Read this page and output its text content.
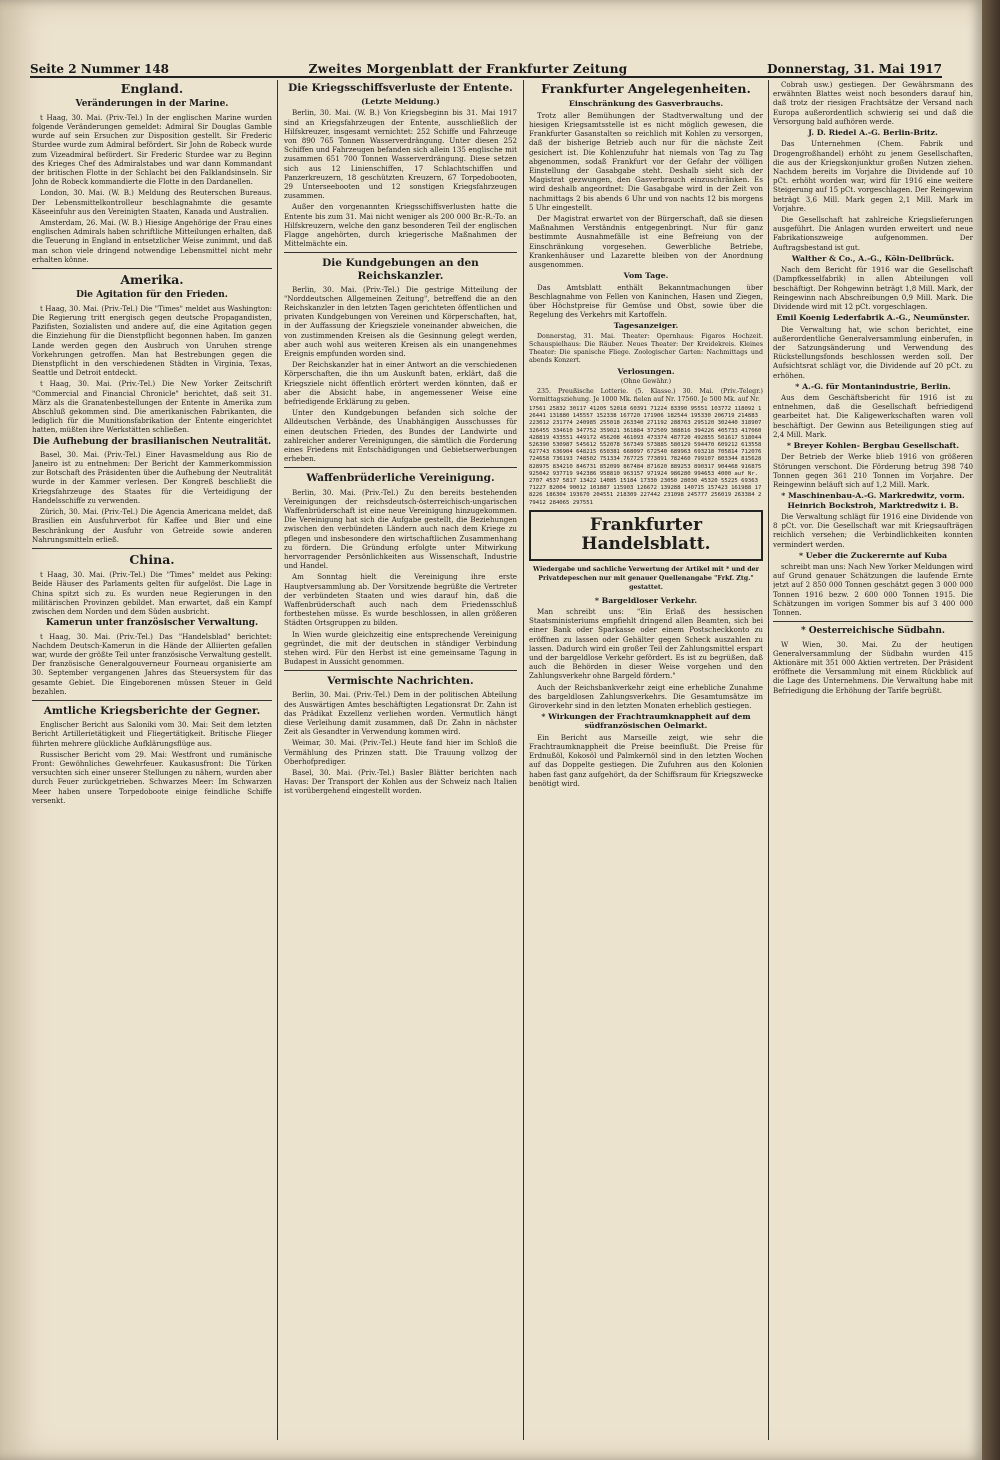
Seite 2 Nummer 148	Zweites Morgenblatt der Frankfurter Zeitung	Donnerstag, 31. Mai 1917
England.
Veränderungen in der Marine.

t Haag, 30. Mai. (Priv.-Tel.) In der englischen Marine wurden folgende Veränderungen gemeldet: Admiral Sir Douglas Gamble wurde auf sein Ersuchen zur Disposition gestellt. Sir Frederic Sturdee wurde zum Admiral befördert. Sir John de Robeck wurde zum Vizeadmiral befördert. Sir Frederic Sturdee war zu Beginn des Krieges Chef des Admiralstabes und war dann Kommandant der britischen Flotte in der Schlacht bei den Falklandsinseln. Sir John de Robeck kommandierte die Flotte in den Dardanellen.

London, 30. Mai. (W. B.) Meldung des Reuterschen Bureaus. Der Lebensmittelkontrolleur beschlagnahmte die gesamte Käseeinfuhr aus den Vereinigten Staaten, Kanada und Australien.

Amsterdam, 26. Mai. (W. B.) Hiesige Angehörige der Frau eines englischen Admirals haben schriftliche Mitteilungen erhalten, daß die Teuerung in England in entsetzlicher Weise zunimmt, und daß man schon viele dringend notwendige Lebensmittel nicht mehr erhalten könne.

Amerika.
Die Agitation für den Frieden.

t Haag, 30. Mai. (Priv.-Tel.) Die "Times" meldet aus Washington: Die Regierung tritt energisch gegen deutsche Propagandisten, Pazifisten, Sozialisten und andere auf, die eine Agitation gegen die Einziehung für die Dienstpflicht begonnen haben. Im ganzen Lande werden gegen den Ausbruch von Unruhen strenge Vorkehrungen getroffen. Man hat Bestrebungen gegen die Dienstpflicht in den verschiedenen Städten in Virginia, Texas, Seattle und Detroit entdeckt.

t Haag, 30. Mai. (Priv.-Tel.) Die New Yorker Zeitschrift "Commercial and Financial Chronicle" berichtet, daß seit 31. März als die Granatenbestellungen der Entente in Amerika zum Abschluß gekommen sind. Die amerikanischen Fabrikanten, die lediglich für die Munitionsfabrikation der Entente eingerichtet hatten, müßten ihre Werkstätten schließen.

Die Aufhebung der brasilianischen Neutralität.

Basel, 30. Mai. (Priv.-Tel.) Einer Havasmeldung aus Rio de Janeiro ist zu entnehmen: Der Bericht der Kammerkommission zur Botschaft des Präsidenten über die Aufhebung der Neutralität wurde in der Kammer verlesen. Der Kongreß beschließt die Kriegsfahrzeuge des Staates für die Verteidigung der Handelsschiffe zu verwenden.

Zürich, 30. Mai. (Priv.-Tel.) Die Agencia Americana meldet, daß Brasilien ein Ausfuhrverbot für Kaffee und Bier und eine Beschränkung der Ausfuhr von Getreide sowie anderen Nahrungsmitteln erließ.

China.

t Haag, 30. Mai. (Priv.-Tel.) Die "Times" meldet aus Peking: Beide Häuser des Parlaments gelten für aufgelöst. Die Lage in China spitzt sich zu. Es wurden neue Regierungen in den militärischen Provinzen gebildet. Man erwartet, daß ein Kampf zwischen dem Norden und dem Süden ausbricht.

Kamerun unter französischer Verwaltung.

t Haag, 30. Mai. (Priv.-Tel.) Das "Handelsblad" berichtet: Nachdem Deutsch-Kamerun in die Hände der Alliierten gefallen war, wurde der größte Teil unter französische Verwaltung gestellt. Der französische Generalgouverneur Fourneau organisierte am 30. September vergangenen Jahres das Steuersystem für das gesamte Gebiet. Die Eingeborenen müssen Steuer in Geld bezahlen.

Amtliche Kriegsberichte der Gegner.

Englischer Bericht aus Saloniki vom 30. Mai: Seit dem letzten Bericht Artillerietätigkeit und Fliegertätigkeit. Britische Flieger führten mehrere glückliche Aufklärungsflüge aus.

Russischer Bericht vom 29. Mai: Westfront und rumänische Front: Gewöhnliches Gewehrfeuer. Kaukasusfront: Die Türken versuchten sich einer unserer Stellungen zu nähern, wurden aber durch Feuer zurückgetrieben. Schwarzes Meer: Im Schwarzen Meer haben unsere Torpedoboote einige feindliche Schiffe versenkt.

Die Kriegsschiffsverluste der Entente.
(Letzte Meldung.)

Berlin, 30. Mai. (W. B.) Von Kriegsbeginn bis 31. Mai 1917 sind an Kriegsfahrzeugen der Entente, ausschließlich der Hilfskreuzer, insgesamt vernichtet: 252 Schiffe und Fahrzeuge von 890 765 Tonnen Wasserverdrängung. Unter diesen 252 Schiffen und Fahrzeugen befanden sich allein 135 englische mit zusammen 651 700 Tonnen Wasserverdrängung. Diese setzen sich aus 12 Linienschiffen, 17 Schlachtschiffen und Panzerkreuzern, 18 geschützten Kreuzern, 67 Torpedobooten, 29 Unterseebooten und 12 sonstigen Kriegsfahrzeugen zusammen.

Außer den vorgenannten Kriegsschiffsverlusten hatte die Entente bis zum 31. Mai nicht weniger als 200 000 Br.-R.-To. an Hilfskreuzern, welche den ganz besonderen Teil der englischen Flagge angehörten, durch kriegerische Maßnahmen der Mittelmächte ein.

Die Kundgebungen an den Reichskanzler.

Berlin, 30. Mai. (Priv.-Tel.) Die gestrige Mitteilung der "Norddeutschen Allgemeinen Zeitung", betreffend die an den Reichskanzler in den letzten Tagen gerichteten öffentlichen und privaten Kundgebungen von Vereinen und Körperschaften, hat, in der Auffassung der Kriegsziele voneinander abweichen, die von zustimmenden Kreisen als die Gesinnung gelegt werden, aber auch wohl aus weiteren Kreisen als ein unangenehmes Ereignis empfunden worden sind.

Der Reichskanzler hat in einer Antwort an die verschiedenen Körperschaften, die ihn um Auskunft baten, erklärt, daß die Kriegsziele nicht öffentlich erörtert werden könnten, daß er aber die Absicht habe, in angemessener Weise eine befriedigende Erklärung zu geben.

Unter den Kundgebungen befanden sich solche der Alldeutschen Verbände, des Unabhängigen Ausschusses für einen deutschen Frieden, des Bundes der Landwirte und zahlreicher anderer Vereinigungen, die sämtlich die Forderung eines Friedens mit Entschädigungen und Gebietserwerbungen erheben.

Waffenbrüderliche Vereinigung.

Berlin, 30. Mai. (Priv.-Tel.) Zu den bereits bestehenden Vereinigungen der reichsdeutsch-österreichisch-ungarischen Waffenbrüderschaft ist eine neue Vereinigung hinzugekommen. Die Vereinigung hat sich die Aufgabe gestellt, die Beziehungen zwischen den verbündeten Ländern auch nach dem Kriege zu pflegen und insbesondere den wirtschaftlichen Zusammenhang zu fördern. Die Gründung erfolgte unter Mitwirkung hervorragender Persönlichkeiten aus Wissenschaft, Industrie und Handel.

Am Sonntag hielt die Vereinigung ihre erste Hauptversammlung ab. Der Vorsitzende begrüßte die Vertreter der verbündeten Staaten und wies darauf hin, daß die Waffenbrüderschaft auch nach dem Friedensschluß fortbestehen müsse. Es wurde beschlossen, in allen größeren Städten Ortsgruppen zu bilden.

In Wien wurde gleichzeitig eine entsprechende Vereinigung gegründet, die mit der deutschen in ständiger Verbindung stehen wird. Für den Herbst ist eine gemeinsame Tagung in Budapest in Aussicht genommen.

Vermischte Nachrichten.

Berlin, 30. Mai. (Priv.-Tel.) Dem in der politischen Abteilung des Auswärtigen Amtes beschäftigten Legationsrat Dr. Zahn ist das Prädikat Exzellenz verliehen worden. Vermutlich hängt diese Verleihung damit zusammen, daß Dr. Zahn in nächster Zeit als Gesandter in Verwendung kommen wird.

Weimar, 30. Mai. (Priv.-Tel.) Heute fand hier im Schloß die Vermählung des Prinzen statt. Die Trauung vollzog der Oberhofprediger.

Basel, 30. Mai. (Priv.-Tel.) Basler Blätter berichten nach Havas: Der Transport der Kohlen aus der Schweiz nach Italien ist vorübergehend eingestellt worden.

Frankfurter Angelegenheiten.
Einschränkung des Gasverbrauchs.

Trotz aller Bemühungen der Stadtverwaltung und der hiesigen Kriegsamtsstelle ist es nicht möglich gewesen, die Frankfurter Gasanstalten so reichlich mit Kohlen zu versorgen, daß der bisherige Betrieb auch nur für die nächste Zeit gesichert ist. Die Kohlenzufuhr hat niemals von Tag zu Tag abgenommen, sodaß Frankfurt vor der Gefahr der völligen Einstellung der Gasabgabe steht. Deshalb sieht sich der Magistrat gezwungen, den Gasverbrauch einzuschränken. Es wird deshalb angeordnet: Die Gasabgabe wird in der Zeit von nachmittags 2 bis abends 6 Uhr und von nachts 12 bis morgens 5 Uhr eingestellt.

Der Magistrat erwartet von der Bürgerschaft, daß sie diesen Maßnahmen Verständnis entgegenbringt. Nur für ganz bestimmte Ausnahmefälle ist eine Befreiung von der Einschränkung vorgesehen. Gewerbliche Betriebe, Krankenhäuser und Lazarette bleiben von der Anordnung ausgenommen.

Vom Tage.

Das Amtsblatt enthält Bekanntmachungen über Beschlagnahme von Fellen von Kaninchen, Hasen und Ziegen, über Höchstpreise für Gemüse und Obst, sowie über die Regelung des Verkehrs mit Kartoffeln.

Tagesanzeiger.

Donnerstag, 31. Mai. Theater: Opernhaus: Figaros Hochzeit. Schauspielhaus: Die Räuber. Neues Theater: Der Kreidekreis. Kleines Theater: Die spanische Fliege. Zoologischer Garten: Nachmittags und abends Konzert.

Verlosungen.

(Ohne Gewähr.)

235. Preußische Lotterie. (5. Klasse.) 30. Mai. (Priv.-Telegr.) Vormittagsziehung. Je 1000 Mk. fielen auf Nr. 17560. Je 500 Mk. auf Nr.

17561 25832 30117 41205 52018 60391 71224 83390 95551 103772 118092 126441 131880 145557 152338 167720 171906 182544 195330 206719 214883 223012 231774 240985 255018 263340 271192 288763 295120 302440 318907 326455 334610 347752 359021 361884 372509 388816 394226 405733 417060 428819 433551 449172 456208 461093 473374 487720 492855 501617 518044 526390 530987 545612 552078 567349 573885 580129 594470 609212 613558 627743 636904 648215 650381 668097 672540 689963 693218 705814 712076 724658 736193 748502 751334 767725 773891 782460 799107 803344 815628 828975 834210 846731 852099 867484 871620 889253 890317 904468 916875 925042 937719 942386 958810 963157 971924 986280 994653 4000 auf Nr. 2707 4537 5817 13422 14085 15184 17330 23050 28030 45320 55225 69363 71227 82004 90012 101887 115903 126672 139288 140715 157423 161988 178226 186304 193670 204551 218309 227442 231098 245777 256019 263384 279412 284065 297551
Frankfurter Handelsblatt.
Wiedergabe und sachliche Verwertung der Artikel mit * und der Privatdepeschen nur mit genauer Quellenangabe "Frkf. Ztg." gestattet.
* Bargeldloser Verkehr.

Man schreibt uns: "Ein Erlaß des hessischen Staatsministeriums empfiehlt dringend allen Beamten, sich bei einer Bank oder Sparkasse oder einem Postscheckkonto zu eröffnen zu lassen oder Gehälter gegen Scheck auszahlen zu lassen. Dadurch wird ein großer Teil der Zahlungsmittel erspart und der bargeldlose Verkehr gefördert. Es ist zu begrüßen, daß auch die Behörden in dieser Weise vorgehen und den Zahlungsverkehr ohne Bargeld fördern."

Auch der Reichsbankverkehr zeigt eine erhebliche Zunahme des bargeldlosen Zahlungsverkehrs. Die Gesamtumsätze im Giroverkehr sind in den letzten Monaten erheblich gestiegen.

* Wirkungen der Frachtraumknappheit auf dem südfranzösischen Oelmarkt.

Ein Bericht aus Marseille zeigt, wie sehr die Frachtraumknappheit die Preise beeinflußt. Die Preise für Erdnußöl, Kokosöl und Palmkernöl sind in den letzten Wochen auf das Doppelte gestiegen. Die Zufuhren aus den Kolonien haben fast ganz aufgehört, da der Schiffsraum für Kriegszwecke benötigt wird.

Cobrah usw.) gestiegen. Der Gewährsmann des erwähnten Blattes weist noch besonders darauf hin, daß trotz der riesigen Frachtsätze der Versand nach Europa außerordentlich schwierig sei und daß die Versorgung bald aufhören werde.

J. D. Riedel A.-G. Berlin-Britz.

Das Unternehmen (Chem. Fabrik und Drogengroßhandel) erhöht zu jenem Gesellschaften, die aus der Kriegskonjunktur großen Nutzen ziehen. Nachdem bereits im Vorjahre die Dividende auf 10 pCt. erhöht worden war, wird für 1916 eine weitere Steigerung auf 15 pCt. vorgeschlagen. Der Reingewinn beträgt 3,6 Mill. Mark gegen 2,1 Mill. Mark im Vorjahre.

Die Gesellschaft hat zahlreiche Kriegslieferungen ausgeführt. Die Anlagen wurden erweitert und neue Fabrikationszweige aufgenommen. Der Auftragsbestand ist gut.

Walther & Co., A.-G., Köln-Dellbrück.

Nach dem Bericht für 1916 war die Gesellschaft (Dampfkesselfabrik) in allen Abteilungen voll beschäftigt. Der Rohgewinn beträgt 1,8 Mill. Mark, der Reingewinn nach Abschreibungen 0,9 Mill. Mark. Die Dividende wird mit 12 pCt. vorgeschlagen.

Emil Koenig Lederfabrik A.-G., Neumünster.

Die Verwaltung hat, wie schon berichtet, eine außerordentliche Generalversammlung einberufen, in der Satzungsänderung und Verwendung des Rückstellungsfonds beschlossen werden soll. Der Aufsichtsrat schlägt vor, die Dividende auf 20 pCt. zu erhöhen.

* A.-G. für Montanindustrie, Berlin.

Aus dem Geschäftsbericht für 1916 ist zu entnehmen, daß die Gesellschaft befriedigend gearbeitet hat. Die Kaligewerkschaften waren voll beschäftigt. Der Gewinn aus Beteiligungen stieg auf 2,4 Mill. Mark.

* Breyer Kohlen- Bergbau Gesellschaft.

Der Betrieb der Werke blieb 1916 von größeren Störungen verschont. Die Förderung betrug 398 740 Tonnen gegen 361 210 Tonnen im Vorjahre. Der Reingewinn beläuft sich auf 1,2 Mill. Mark.

* Maschinenbau-A.-G. Markredwitz, vorm. Heinrich Bockstroh, Marktredwitz i. B.

Die Verwaltung schlägt für 1916 eine Dividende von 8 pCt. vor. Die Gesellschaft war mit Kriegsaufträgen reichlich versehen; die Verbindlichkeiten konnten vermindert werden.

* Ueber die Zuckerernte auf Kuba

schreibt man uns: Nach New Yorker Meldungen wird auf Grund genauer Schätzungen die laufende Ernte jetzt auf 2 850 000 Tonnen geschätzt gegen 3 000 000 Tonnen 1916 bezw. 2 600 000 Tonnen 1915. Die Schätzungen im vorigen Sommer bis auf 3 400 000 Tonnen.

* Oesterreichische Südbahn.

W Wien, 30. Mai. Zu der heutigen Generalversammlung der Südbahn wurden 415 Aktionäre mit 351 000 Aktien vertreten. Der Präsident eröffnete die Versammlung mit einem Rückblick auf die Lage des Unternehmens. Die Verwaltung habe mit Befriedigung die Erhöhung der Tarife begrüßt.
